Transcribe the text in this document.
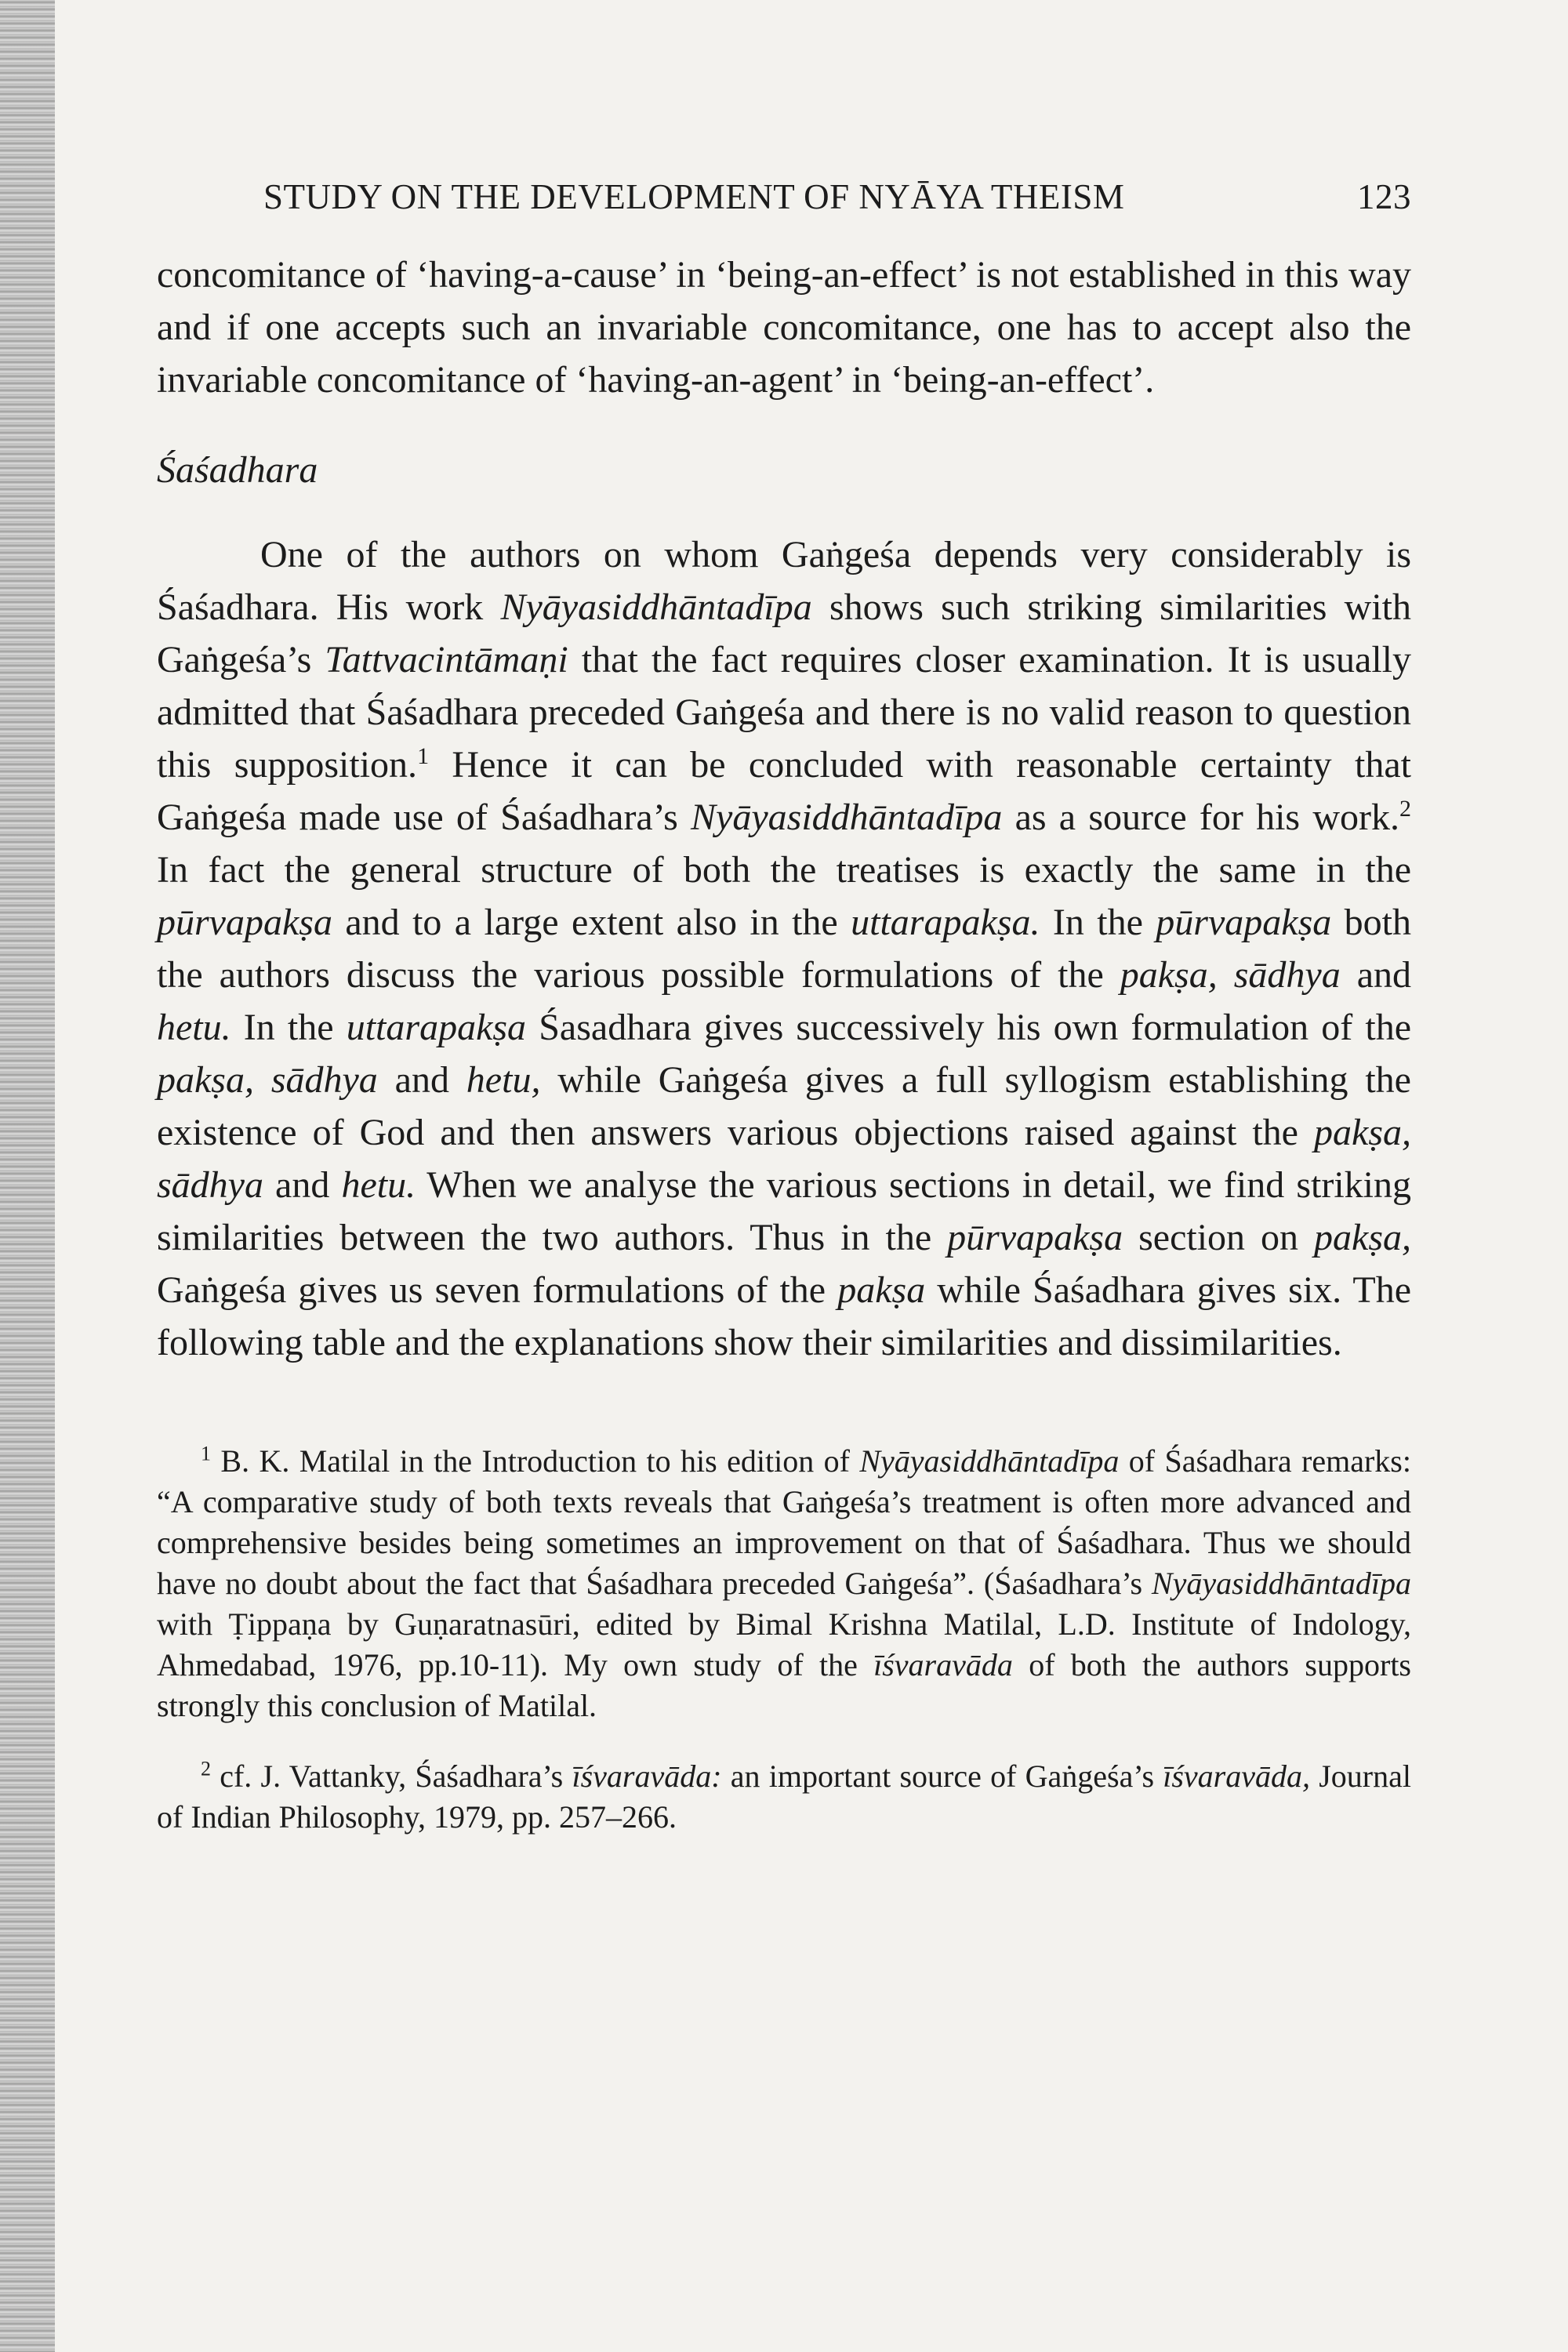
STUDY ON THE DEVELOPMENT OF NYĀYA THEISM	123

concomitance of ‘having-a-cause’ in ‘being-an-effect’ is not established in this way and if one accepts such an invariable concomitance, one has to accept also the invariable concomitance of ‘having-an-agent’ in ‘being-an-effect’.

Śaśadhara

One of the authors on whom Gaṅgeśa depends very considerably is Śaśadhara. His work Nyāyasiddhāntadīpa shows such striking similarities with Gaṅgeśa’s Tattvacintāmaṇi that the fact requires closer examination. It is usually admitted that Śaśadhara preceded Gaṅgeśa and there is no valid reason to question this supposition.$^1$ Hence it can be concluded with reasonable certainty that Gaṅgeśa made use of Śaśadhara’s Nyāyasiddhāntadīpa as a source for his work.$^2$ In fact the general structure of both the treatises is exactly the same in the pūrvapakṣa and to a large extent also in the uttarapakṣa. In the pūrvapakṣa both the authors discuss the various possible formulations of the pakṣa, sādhya and hetu. In the uttarapakṣa Śasadhara gives successively his own formulation of the pakṣa, sādhya and hetu, while Gaṅgeśa gives a full syllogism establishing the existence of God and then answers various objections raised against the pakṣa, sādhya and hetu. When we analyse the various sections in detail, we find striking similarities between the two authors. Thus in the pūrvapakṣa section on pakṣa, Gaṅgeśa gives us seven formulations of the pakṣa while Śaśadhara gives six. The following table and the explanations show their similarities and dissimilarities.

$^1$ B. K. Matilal in the Introduction to his edition of Nyāyasiddhāntadīpa of Śaśadhara remarks: “A comparative study of both texts reveals that Gaṅgeśa’s treatment is often more advanced and comprehensive besides being sometimes an improvement on that of Śaśadhara. Thus we should have no doubt about the fact that Śaśadhara preceded Gaṅgeśa”. (Śaśadhara’s Nyāyasiddhāntadīpa with Ṭippaṇa by Guṇaratnasūri, edited by Bimal Krishna Matilal, L.D. Institute of Indology, Ahmedabad, 1976, pp.10-11). My own study of the īśvaravāda of both the authors supports strongly this conclusion of Matilal.

$^2$ cf. J. Vattanky, Śaśadhara’s īśvaravāda: an important source of Gaṅgeśa’s īśvaravāda, Journal of Indian Philosophy, 1979, pp. 257–266.
